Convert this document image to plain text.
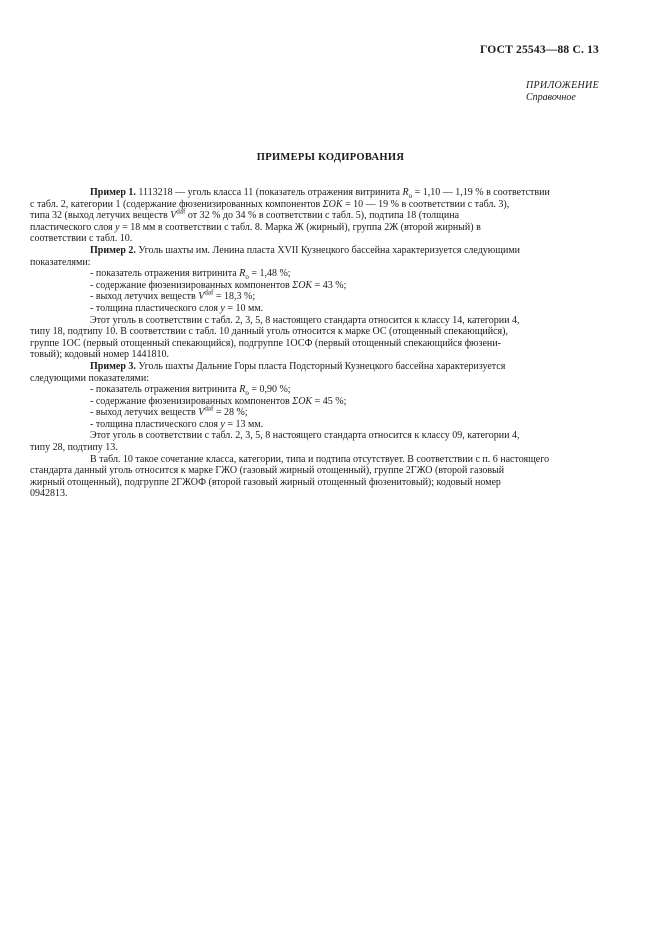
ГОСТ 25543—88 С. 13
ПРИЛОЖЕНИЕ
Справочное
ПРИМЕРЫ КОДИРОВАНИЯ
Пример 1. 1113218 — уголь класса 11 (показатель отражения витринита $R_o = 1,10$ — 1,19 % в соответствии
с табл. 2, категории 1 (содержание фюзенизированных компонентов ΣOK = 10 — 19 % в соответствии с табл. 3),
типа 32 (выход летучих веществ $V^{daf}$ от 32 % до 34 % в соответствии с табл. 5), подтипа 18 (толщина
пластического слоя y = 18 мм в соответствии с табл. 8. Марка Ж (жирный), группа 2Ж (второй жирный) в
соответствии с табл. 10.
Пример 2. Уголь шахты им. Ленина пласта XVII Кузнецкого бассейна характеризуется следующими
показателями:
- показатель отражения витринита $R_o = 1,48$ %;
- содержание фюзенизированных компонентов ΣOK = 43 %;
- выход летучих веществ $V^{daf} = 18,3$ %;
- толщина пластического слоя y = 10 мм.
Этот уголь в соответствии с табл. 2, 3, 5, 8 настоящего стандарта относится к классу 14, категории 4,
типу 18, подтипу 10. В соответствии с табл. 10 данный уголь относится к марке ОС (отощенный спекающийся),
группе 1ОС (первый отощенный спекающийся), подгруппе 1ОСФ (первый отощенный спекающийся фюзени-
товый); кодовый номер 1441810.
Пример 3. Уголь шахты Дальние Горы пласта Подсторный Кузнецкого бассейна характеризуется
следующими показателями:
- показатель отражения витринита $R_o = 0,90$ %;
- содержание фюзенизированных компонентов ΣOK = 45 %;
- выход летучих веществ $V^{daf} = 28$ %;
- толщина пластического слоя y = 13 мм.
Этот уголь в соответствии с табл. 2, 3, 5, 8 настоящего стандарта относится к классу 09, категории 4,
типу 28, подтипу 13.
В табл. 10 такое сочетание класса, категории, типа и подтипа отсутствует. В соответствии с п. 6 настоящего
стандарта данный уголь относится к марке ГЖО (газовый жирный отощенный), группе 2ГЖО (второй газовый
жирный отощенный), подгруппе 2ГЖОФ (второй газовый жирный отощенный фюзенитовый); кодовый номер
0942813.
